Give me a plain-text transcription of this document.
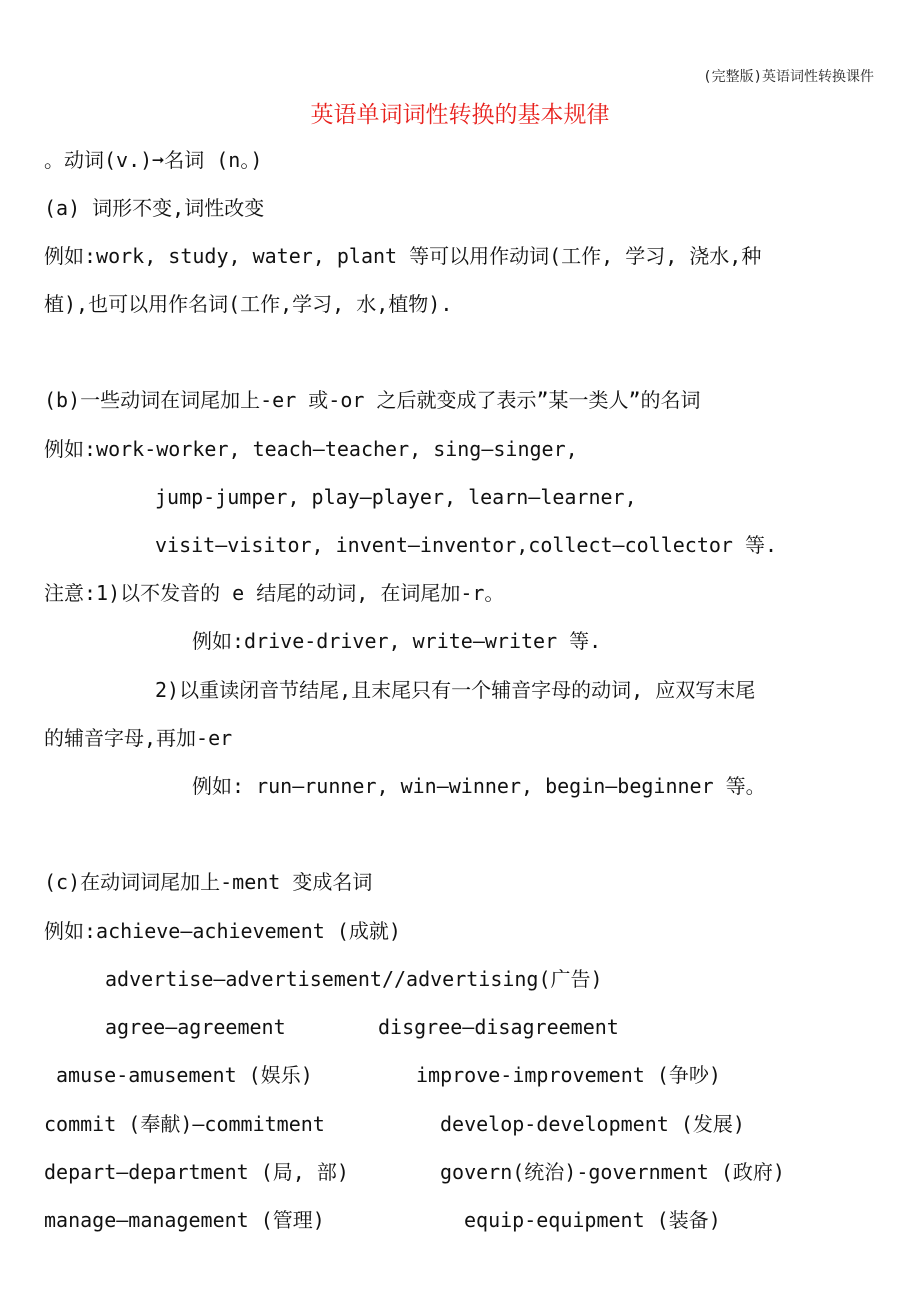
(完整版)英语词性转换课件
英语单词词性转换的基本规律
。动词(v.)➞名词 (n。)
(a) 词形不变,词性改变
例如:work, study, water, plant 等可以用作动词(工作, 学习, 浇水,种
植),也可以用作名词(工作,学习, 水,植物).
(b)一些动词在词尾加上-er 或-or 之后就变成了表示”某一类人”的名词
例如:work-worker, teach—teacher, sing—singer,
jump-jumper, play—player, learn—learner,
visit—visitor, invent—inventor,collect—collector 等.
注意:1)以不发音的 e 结尾的动词, 在词尾加-r。
例如:drive-driver, write—writer 等.
2)以重读闭音节结尾,且末尾只有一个辅音字母的动词, 应双写末尾
的辅音字母,再加-er
例如: run—runner, win—winner, begin—beginner 等。
(c)在动词词尾加上-ment 变成名词
例如:achieve—achievement (成就)
advertise—advertisement//advertising(广告)
agree—agreement	disgree—disagreement
amuse-amusement (娱乐)	improve-improvement (争吵)
commit (奉献)—commitment	develop-development (发展)
depart—department (局, 部)	govern(统治)-government (政府)
manage—management (管理)	equip-equipment (装备)
